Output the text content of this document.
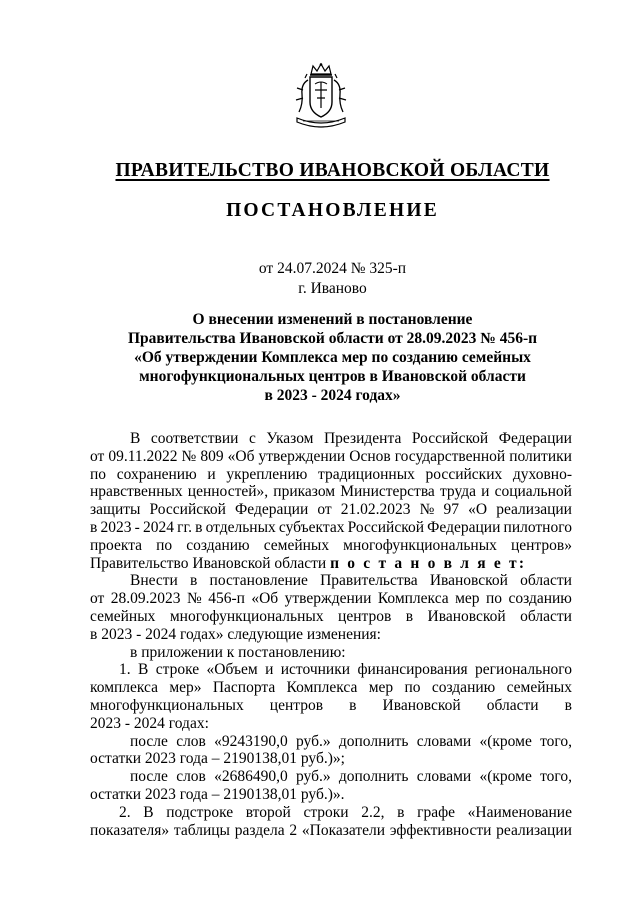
ПРАВИТЕЛЬСТВО ИВАНОВСКОЙ ОБЛАСТИ
ПОСТАНОВЛЕНИЕ
от 24.07.2024 № 325-п
г. Иваново
О внесении изменений в постановление
Правительства Ивановской области от 28.09.2023 № 456-п
«Об утверждении Комплекса мер по созданию семейных
многофункциональных центров в Ивановской области
в 2023 - 2024 годах»
В соответствии с Указом Президента Российской Федерации
от 09.11.2022 № 809 «Об утверждении Основ государственной политики
по сохранению и укреплению традиционных российских духовно-
нравственных ценностей», приказом Министерства труда и социальной
защиты Российской Федерации от 21.02.2023 № 97 «О реализации
в 2023 - 2024 гг. в отдельных субъектах Российской Федерации пилотного
проекта по созданию семейных многофункциональных центров»
Правительство Ивановской области
п о с т а н о в л я е т :
Внести в постановление Правительства Ивановской области
от 28.09.2023 № 456-п «Об утверждении Комплекса мер по созданию
семейных многофункциональных центров в Ивановской области
в 2023 - 2024 годах» следующие изменения:
в приложении к постановлению:
1. В строке «Объем и источники финансирования регионального
комплекса мер» Паспорта Комплекса мер по созданию семейных
многофункциональных центров в Ивановской области в
2023 - 2024 годах:
после слов «9243190,0 руб.» дополнить словами «(кроме того,
остатки 2023 года – 2190138,01 руб.)»;
после слов «2686490,0 руб.» дополнить словами «(кроме того,
остатки 2023 года – 2190138,01 руб.)».
2. В подстроке второй строки 2.2, в графе «Наименование
показателя» таблицы раздела 2 «Показатели эффективности реализации
